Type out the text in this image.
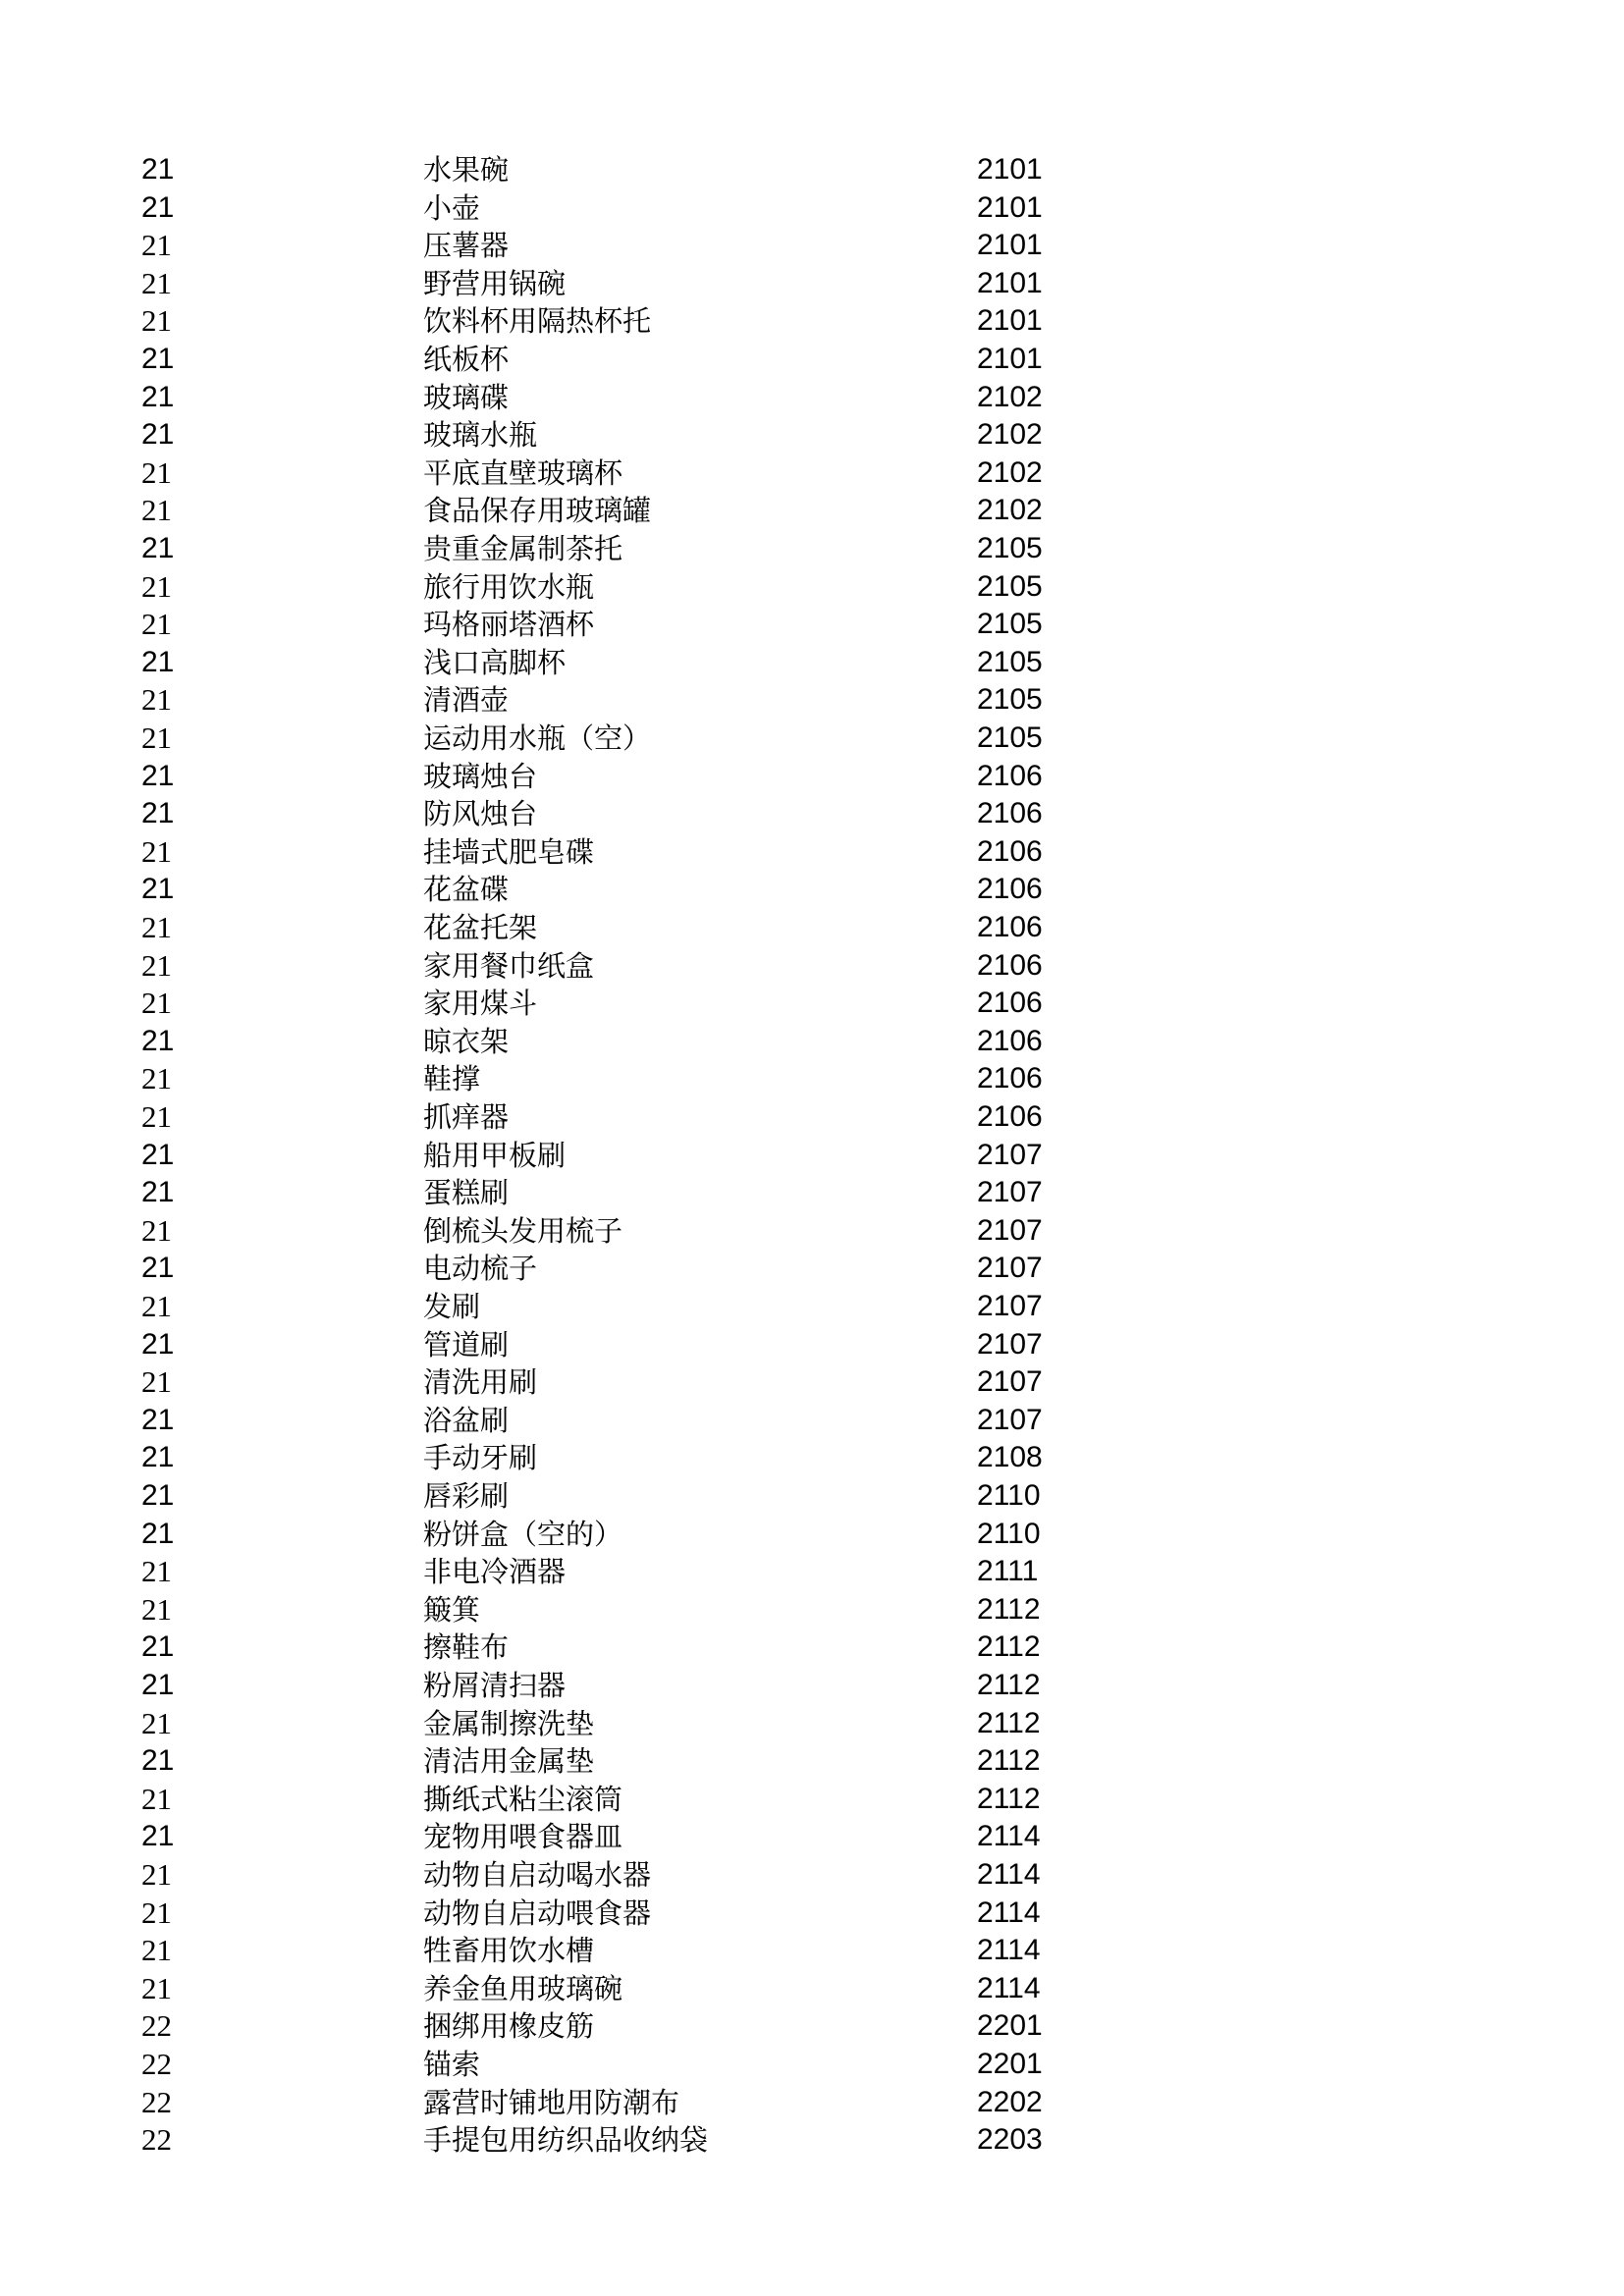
21	水果碗	2101
21	小壶	2101
21	压薯器	2101
21	野营用锅碗	2101
21	饮料杯用隔热杯托	2101
21	纸板杯	2101
21	玻璃碟	2102
21	玻璃水瓶	2102
21	平底直壁玻璃杯	2102
21	食品保存用玻璃罐	2102
21	贵重金属制茶托	2105
21	旅行用饮水瓶	2105
21	玛格丽塔酒杯	2105
21	浅口高脚杯	2105
21	清酒壶	2105
21	运动用水瓶（空）	2105
21	玻璃烛台	2106
21	防风烛台	2106
21	挂墙式肥皂碟	2106
21	花盆碟	2106
21	花盆托架	2106
21	家用餐巾纸盒	2106
21	家用煤斗	2106
21	晾衣架	2106
21	鞋撑	2106
21	抓痒器	2106
21	船用甲板刷	2107
21	蛋糕刷	2107
21	倒梳头发用梳子	2107
21	电动梳子	2107
21	发刷	2107
21	管道刷	2107
21	清洗用刷	2107
21	浴盆刷	2107
21	手动牙刷	2108
21	唇彩刷	2110
21	粉饼盒（空的）	2110
21	非电冷酒器	2111
21	簸箕	2112
21	擦鞋布	2112
21	粉屑清扫器	2112
21	金属制擦洗垫	2112
21	清洁用金属垫	2112
21	撕纸式粘尘滚筒	2112
21	宠物用喂食器皿	2114
21	动物自启动喝水器	2114
21	动物自启动喂食器	2114
21	牲畜用饮水槽	2114
21	养金鱼用玻璃碗	2114
22	捆绑用橡皮筋	2201
22	锚索	2201
22	露营时铺地用防潮布	2202
22	手提包用纺织品收纳袋	2203
